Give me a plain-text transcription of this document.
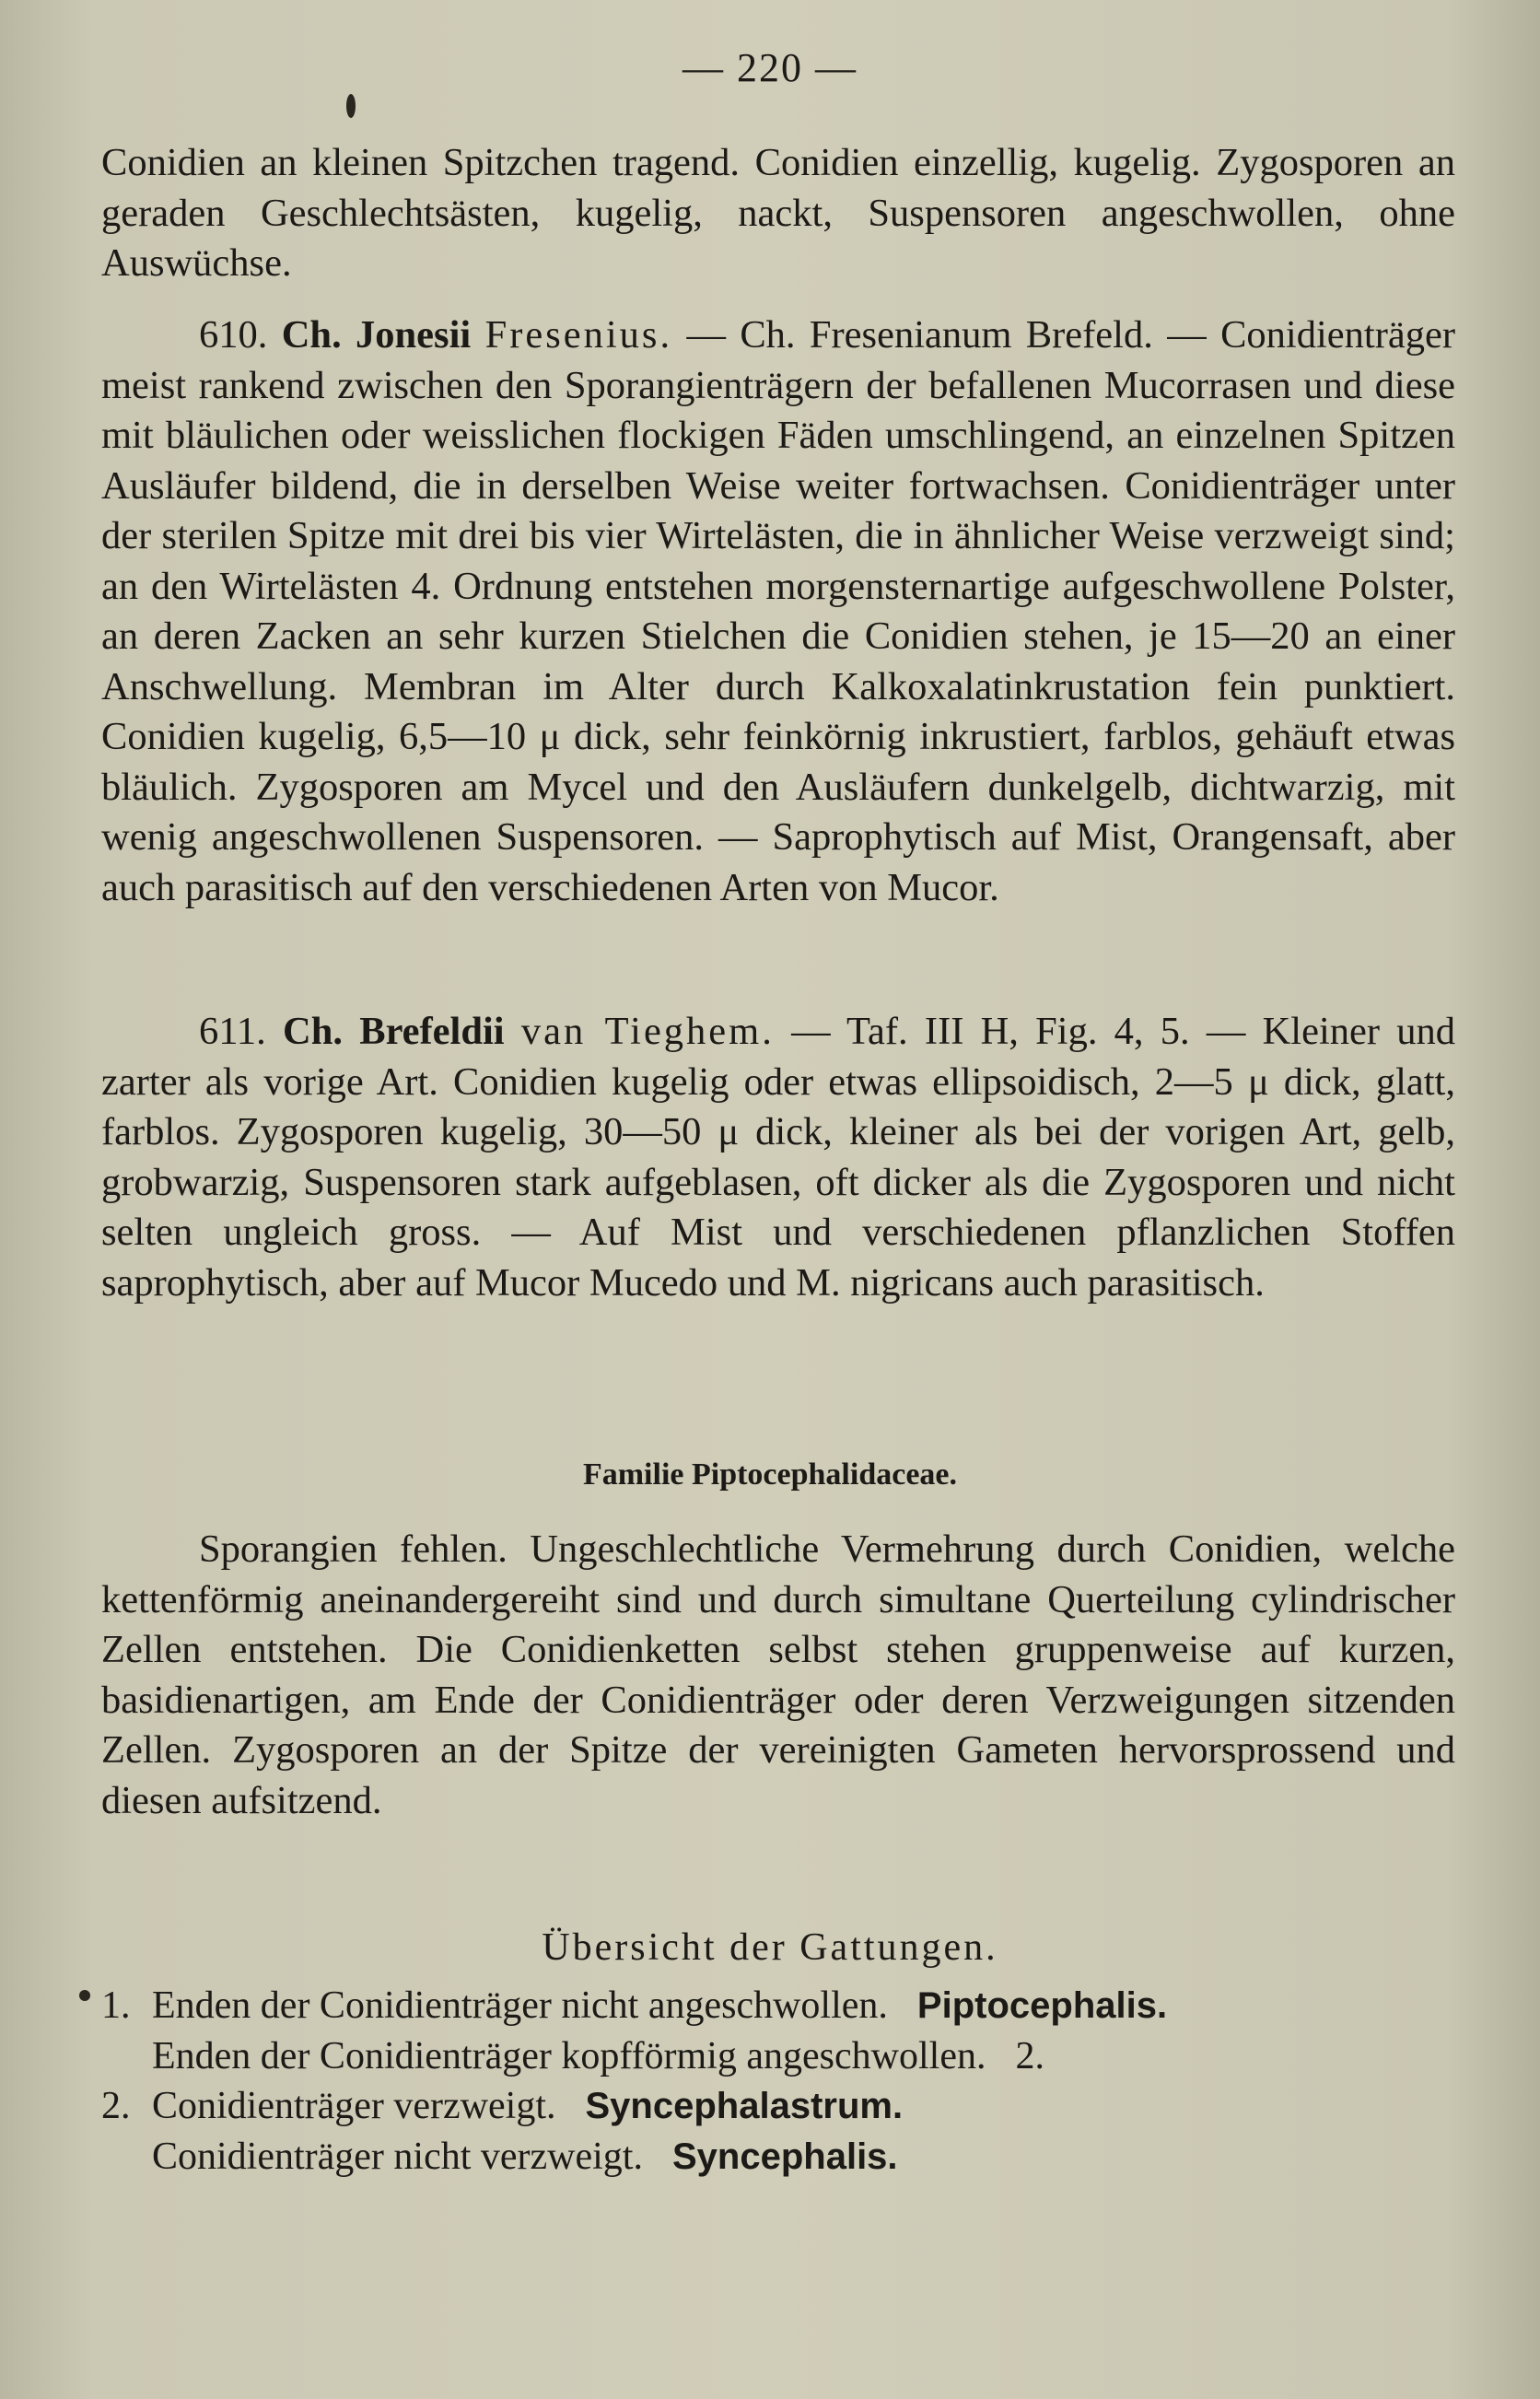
— 220 —

Conidien an kleinen Spitzchen tragend. Conidien einzellig, kugelig. Zygosporen an geraden Geschlechtsästen, kugelig, nackt, Suspensoren angeschwollen, ohne Auswüchse.

610. Ch. Jonesii Fresenius. — Ch. Fresenianum Brefeld. — Conidienträger meist rankend zwischen den Sporangienträgern der befallenen Mucorrasen und diese mit bläulichen oder weisslichen flockigen Fäden umschlingend, an einzelnen Spitzen Ausläufer bildend, die in derselben Weise weiter fortwachsen. Conidienträger unter der sterilen Spitze mit drei bis vier Wirtelästen, die in ähnlicher Weise verzweigt sind; an den Wirtelästen 4. Ordnung entstehen morgensternartige aufgeschwollene Polster, an deren Zacken an sehr kurzen Stielchen die Conidien stehen, je 15—20 an einer Anschwellung. Membran im Alter durch Kalkoxalatinkrustation fein punktiert. Conidien kugelig, 6,5—10 μ dick, sehr feinkörnig inkrustiert, farblos, gehäuft etwas bläulich. Zygosporen am Mycel und den Ausläufern dunkelgelb, dichtwarzig, mit wenig angeschwollenen Suspensoren. — Saprophytisch auf Mist, Orangensaft, aber auch parasitisch auf den verschiedenen Arten von Mucor.

611. Ch. Brefeldii van Tieghem. — Taf. III H, Fig. 4, 5. — Kleiner und zarter als vorige Art. Conidien kugelig oder etwas ellipsoidisch, 2—5 μ dick, glatt, farblos. Zygosporen kugelig, 30—50 μ dick, kleiner als bei der vorigen Art, gelb, grobwarzig, Suspensoren stark aufgeblasen, oft dicker als die Zygosporen und nicht selten ungleich gross. — Auf Mist und verschiedenen pflanzlichen Stoffen saprophytisch, aber auf Mucor Mucedo und M. nigricans auch parasitisch.

Familie Piptocephalidaceae.

Sporangien fehlen. Ungeschlechtliche Vermehrung durch Conidien, welche kettenförmig aneinandergereiht sind und durch simultane Querteilung cylindrischer Zellen entstehen. Die Conidienketten selbst stehen gruppenweise auf kurzen, basidienartigen, am Ende der Conidienträger oder deren Verzweigungen sitzenden Zellen. Zygosporen an der Spitze der vereinigten Gameten hervorsprossend und diesen aufsitzend.

Übersicht der Gattungen.
1. Enden der Conidienträger nicht angeschwollen. Piptocephalis.
Enden der Conidienträger kopfförmig angeschwollen. 2.
2. Conidienträger verzweigt. Syncephalastrum.
Conidienträger nicht verzweigt. Syncephalis.
